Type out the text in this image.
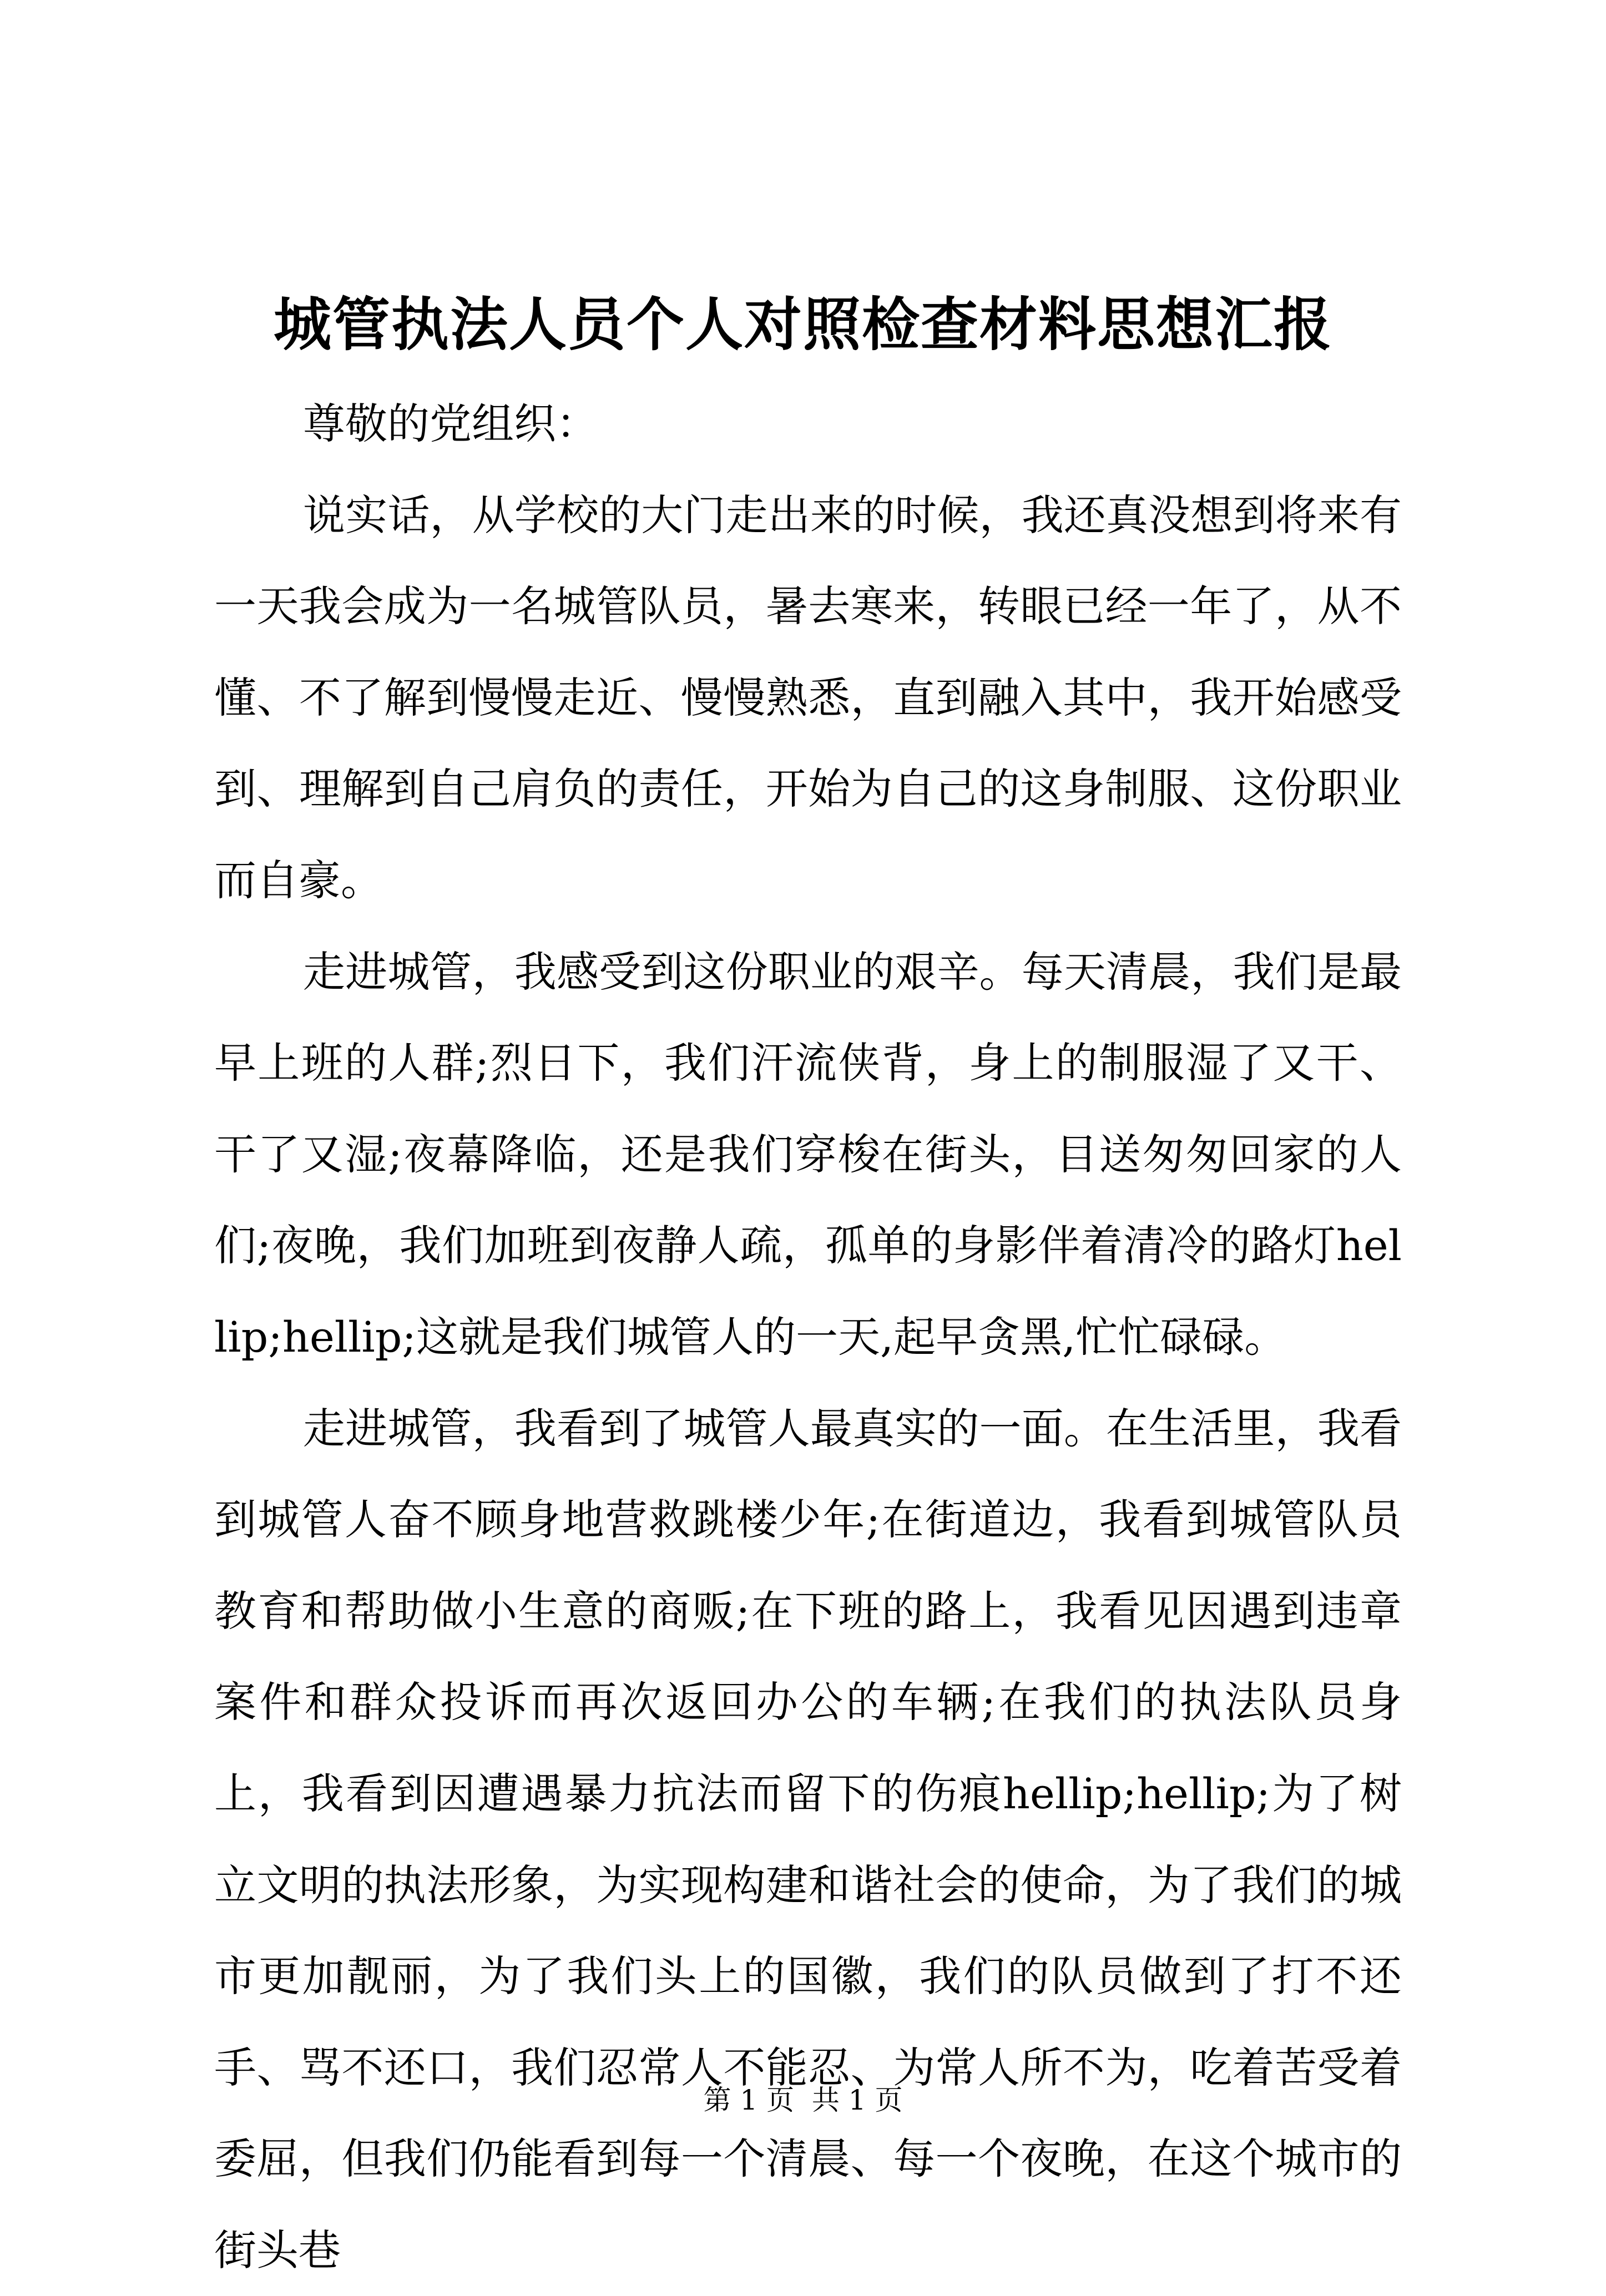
城管执法人员个人对照检查材料思想汇报

尊敬的党组织：

说实话，从学校的大门走出来的时候，我还真没想到将来有一天我会成为一名城管队员，暑去寒来，转眼已经一年了，从不懂、不了解到慢慢走近、慢慢熟悉，直到融入其中，我开始感受到、理解到自己肩负的责任，开始为自己的这身制服、这份职业而自豪。

走进城管，我感受到这份职业的艰辛。每天清晨，我们是最早上班的人群;烈日下，我们汗流侠背，身上的制服湿了又干、干了又湿;夜幕降临，还是我们穿梭在街头，目送匆匆回家的人们;夜晚，我们加班到夜静人疏，孤单的身影伴着清冷的路灯hellip;hellip;这就是我们城管人的一天,起早贪黑,忙忙碌碌。

走进城管，我看到了城管人最真实的一面。在生活里，我看到城管人奋不顾身地营救跳楼少年;在街道边，我看到城管队员教育和帮助做小生意的商贩;在下班的路上，我看见因遇到违章案件和群众投诉而再次返回办公的车辆;在我们的执法队员身上，我看到因遭遇暴力抗法而留下的伤痕hellip;hellip;为了树立文明的执法形象，为实现构建和谐社会的使命，为了我们的城市更加靓丽，为了我们头上的国徽，我们的队员做到了打不还手、骂不还口，我们忍常人不能忍、为常人所不为，吃着苦受着委屈，但我们仍能看到每一个清晨、每一个夜晚，在这个城市的街头巷

第 1 页  共 1 页
